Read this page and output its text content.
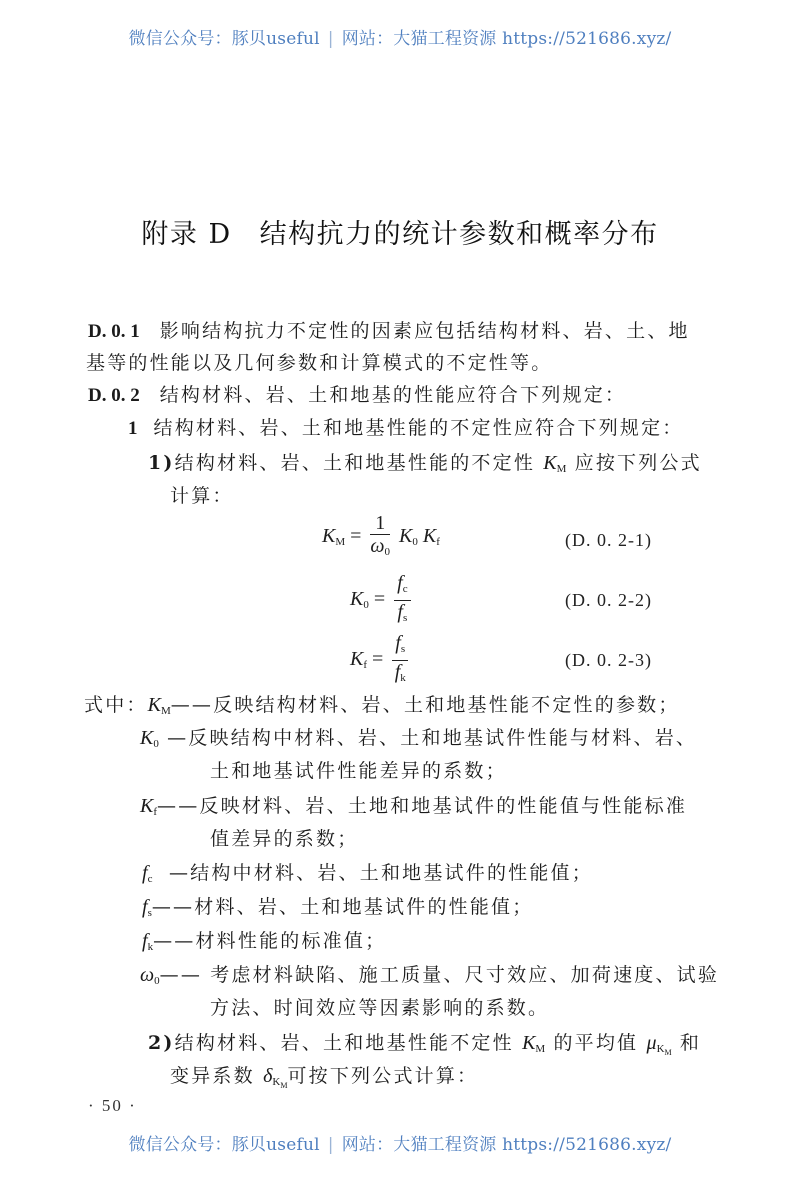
微信公众号：豚贝useful | 网站：大猫工程资源 https://521686.xyz/
附录 D 结构抗力的统计参数和概率分布
D. 0. 1 影响结构抗力不定性的因素应包括结构材料、岩、土、地
基等的性能以及几何参数和计算模式的不定性等。
D. 0. 2 结构材料、岩、土和地基的性能应符合下列规定：
1 结构材料、岩、土和地基性能的不定性应符合下列规定：
1)结构材料、岩、土和地基性能的不定性 $K_M$ 应按下列公式
计算：
$K_M = \frac{1}{\omega_0} K_0$ $K_f$	(D. 0. 2-1)
$K_0 = \frac{f_c}{f_s}$	(D. 0. 2-2)
$K_f = \frac{f_s}{f_k}$	(D. 0. 2-3)
式中：$K_M——$反映结构材料、岩、土和地基性能不定性的参数；
$K_0$ —反映结构中材料、岩、土和地基试件性能与材料、岩、
土和地基试件性能差异的系数；
$K_f——$反映材料、岩、土地和地基试件的性能值与性能标准
值差异的系数；
$f_c$ —结构中材料、岩、土和地基试件的性能值；
$f_s——$材料、岩、土和地基试件的性能值；
$f_k——$材料性能的标准值；
$\omega_0——$ 考虑材料缺陷、施工质量、尺寸效应、加荷速度、试验
方法、时间效应等因素影响的系数。
2)结构材料、岩、土和地基性能不定性 $K_M$ 的平均值 $\mu_{K_M}$ 和
变异系数 $\delta_{K_M}$可按下列公式计算：
· 50 ·
微信公众号：豚贝useful | 网站：大猫工程资源 https://521686.xyz/
